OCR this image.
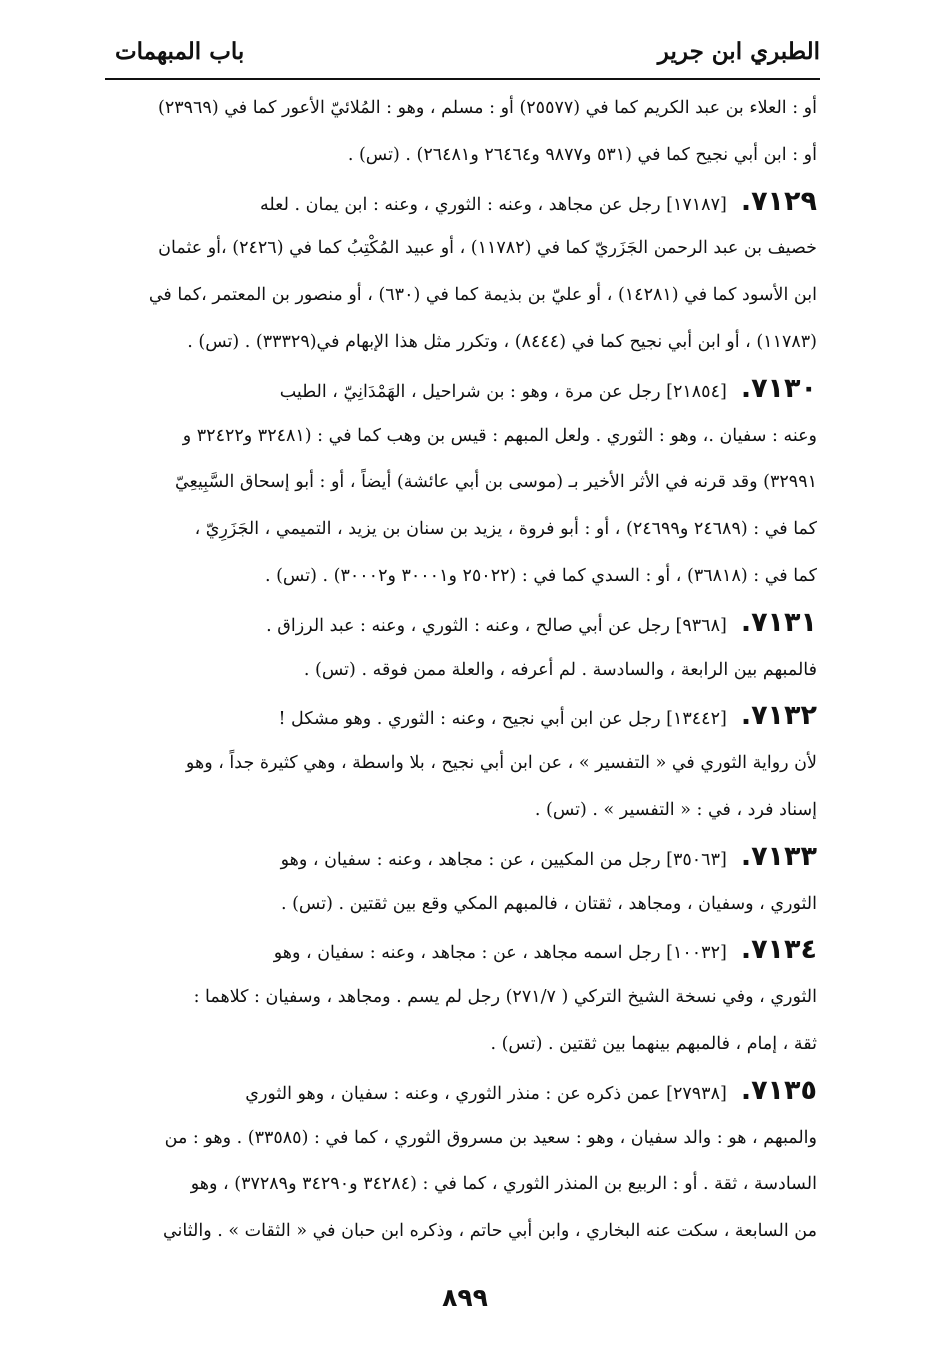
الطبري ابن جرير
باب المبهمات
أو : العلاء بن عبد الكريم كما في (٢٥٥٧٧) أو : مسلم ، وهو : المُلائيّ الأعور كما في (٢٣٩٦٩)
أو : ابن أبي نجيح كما في (٥٣١ و٩٨٧٧ و٢٦٤٦٤ و٢٦٤٨١) . (تس) .
٧١٢٩.[١٧١٨٧] رجل عن مجاهد ، وعنه : الثوري ، وعنه : ابن يمان . لعله
خصيف بن عبد الرحمن الجَزَريّ كما في (١١٧٨٢) ، أو عبيد المُكْتِبُ كما في (٢٤٢٦) ،أو عثمان
ابن الأسود كما في (١٤٢٨١) ، أو عليّ بن بذيمة كما في (٦٣٠) ، أو منصور بن المعتمر ،كما في
(١١٧٨٣) ، أو ابن أبي نجيح كما في (٨٤٤٤) ، وتكرر مثل هذا الإبهام في(٣٣٣٢٩) . (تس) .
٧١٣٠.[٢١٨٥٤] رجل عن مرة ، وهو : بن شراحيل ، الهَمْدَانِيّ ، الطيب
وعنه : سفيان .، وهو : الثوري . ولعل المبهم : قيس بن وهب كما في : (٣٢٤٨١ و٣٢٤٢٢ و
٣٢٩٩١) وقد قرنه في الأثر الأخير بـ (موسى بن أبي عائشة) أيضاً ، أو : أبو إسحاق السَّبِيعِيّ
كما في : (٢٤٦٨٩ و٢٤٦٩٩) ، أو : أبو فروة ، يزيد بن سنان بن يزيد ، التميمي ، الجَزَرِيّ ،
كما في : (٣٦٨١٨) ، أو : السدي كما في : (٢٥٠٢٢ و٣٠٠٠١ و٣٠٠٠٢) . (تس) .
٧١٣١.[٩٣٦٨] رجل عن أبي صالح ، وعنه : الثوري ، وعنه : عبد الرزاق .
فالمبهم بين الرابعة ، والسادسة . لم أعرفه ، والعلة ممن فوقه . (تس) .
٧١٣٢.[١٣٤٤٢] رجل عن ابن أبي نجيح ، وعنه : الثوري . وهو مشكل !
لأن رواية الثوري في « التفسير » ، عن ابن أبي نجيح ، بلا واسطة ، وهي كثيرة جداً ، وهو
إسناد فرد ، في : « التفسير » . (تس) .
٧١٣٣.[٣٥٠٦٣] رجل من المكيين ، عن : مجاهد ، وعنه : سفيان ، وهو
الثوري ، وسفيان ، ومجاهد ، ثقتان ، فالمبهم المكي وقع بين ثقتين . (تس) .
٧١٣٤.[١٠٠٣٢] رجل اسمه مجاهد ، عن : مجاهد ، وعنه : سفيان ، وهو
الثوري ، وفي نسخة الشيخ التركي ( ٢٧١/٧) رجل لم يسم . ومجاهد ، وسفيان : كلاهما :
ثقة ، إمام ، فالمبهم بينهما بين ثقتين . (تس) .
٧١٣٥.[٢٧٩٣٨] عمن ذكره عن : منذر الثوري ، وعنه : سفيان ، وهو الثوري
والمبهم ، هو : والد سفيان ، وهو : سعيد بن مسروق الثوري ، كما في : (٣٣٥٨٥) . وهو : من
السادسة ، ثقة . أو : الربيع بن المنذر الثوري ، كما في : (٣٤٢٨٤ و٣٤٢٩٠ و٣٧٢٨٩) ، وهو
من السابعة ، سكت عنه البخاري ، وابن أبي حاتم ، وذكره ابن حبان في « الثقات » . والثاني
٨٩٩
